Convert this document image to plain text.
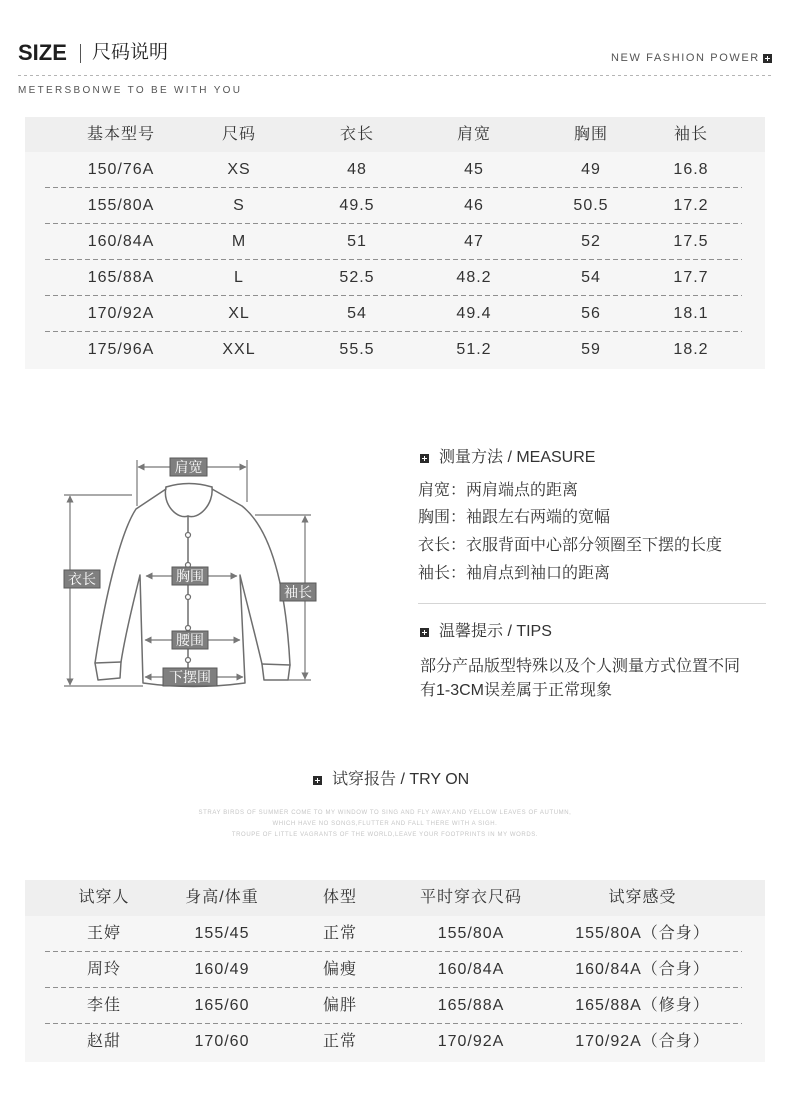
SIZE 尺码说明	NEW FASHION POWER
METERSBONWE TO BE WITH YOU
基本型号	尺码	衣长	肩宽	胸围	袖长
150/76A	XS	48	45	49	16.8
155/80A	S	49.5	46	50.5	17.2
160/84A	M	51	47	52	17.5
165/88A	L	52.5	48.2	54	17.7
170/92A	XL	54	49.4	56	18.1
175/96A	XXL	55.5	51.2	59	18.2
肩宽
衣长	胸围
袖长
腰围
下摆围
测量方法 / MEASURE
肩宽：两肩端点的距离
胸围：袖跟左右两端的宽幅
衣长：衣服背面中心部分领圈至下摆的长度
袖长：袖肩点到袖口的距离
温馨提示 / TIPS
部分产品版型特殊以及个人测量方式位置不同
有1-3CM误差属于正常现象
试穿报告 / TRY ON
STRAY BIRDS OF SUMMER COME TO MY WINDOW TO SING AND FLY AWAY.AND YELLOW LEAVES OF AUTUMN,
WHICH HAVE NO SONGS,FLUTTER AND FALL THERE WITH A SIGH.
TROUPE OF LITTLE VAGRANTS OF THE WORLD,LEAVE YOUR FOOTPRINTS IN MY WORDS.
试穿人	身高/体重	体型	平时穿衣尺码	试穿感受
王婷	155/45	正常	155/80A	155/80A（合身）
周玲	160/49	偏瘦	160/84A	160/84A（合身）
李佳	165/60	偏胖	165/88A	165/88A（修身）
赵甜	170/60	正常	170/92A	170/92A（合身）
